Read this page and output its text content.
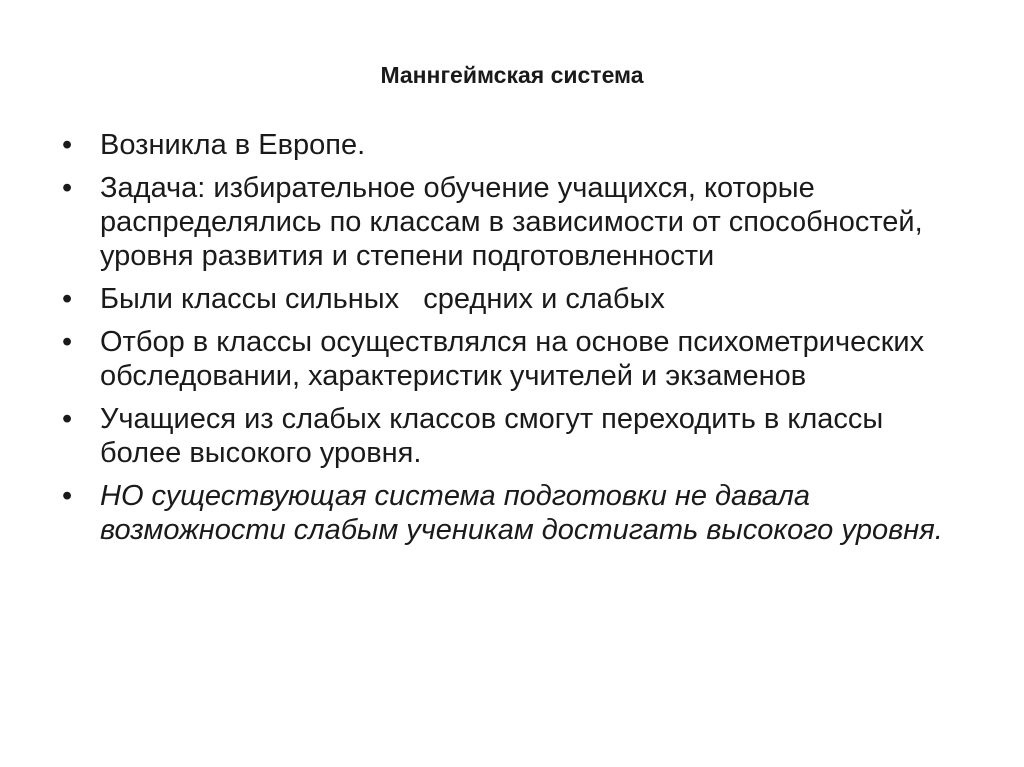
Маннгеймская система
• Возникла в Европе.
• Задача: избирательное обучение учащихся, которые распределялись по классам в зависимости от способностей, уровня развития и степени подготовленности
• Были классы сильных   средних и слабых
• Отбор в классы осуществлялся на основе психометрических обследовании, характеристик учителей и экзаменов
• Учащиеся из слабых классов смогут переходить в классы более высокого уровня.
• НО существующая система подготовки не давала возможности слабым ученикам достигать высокого уровня.
